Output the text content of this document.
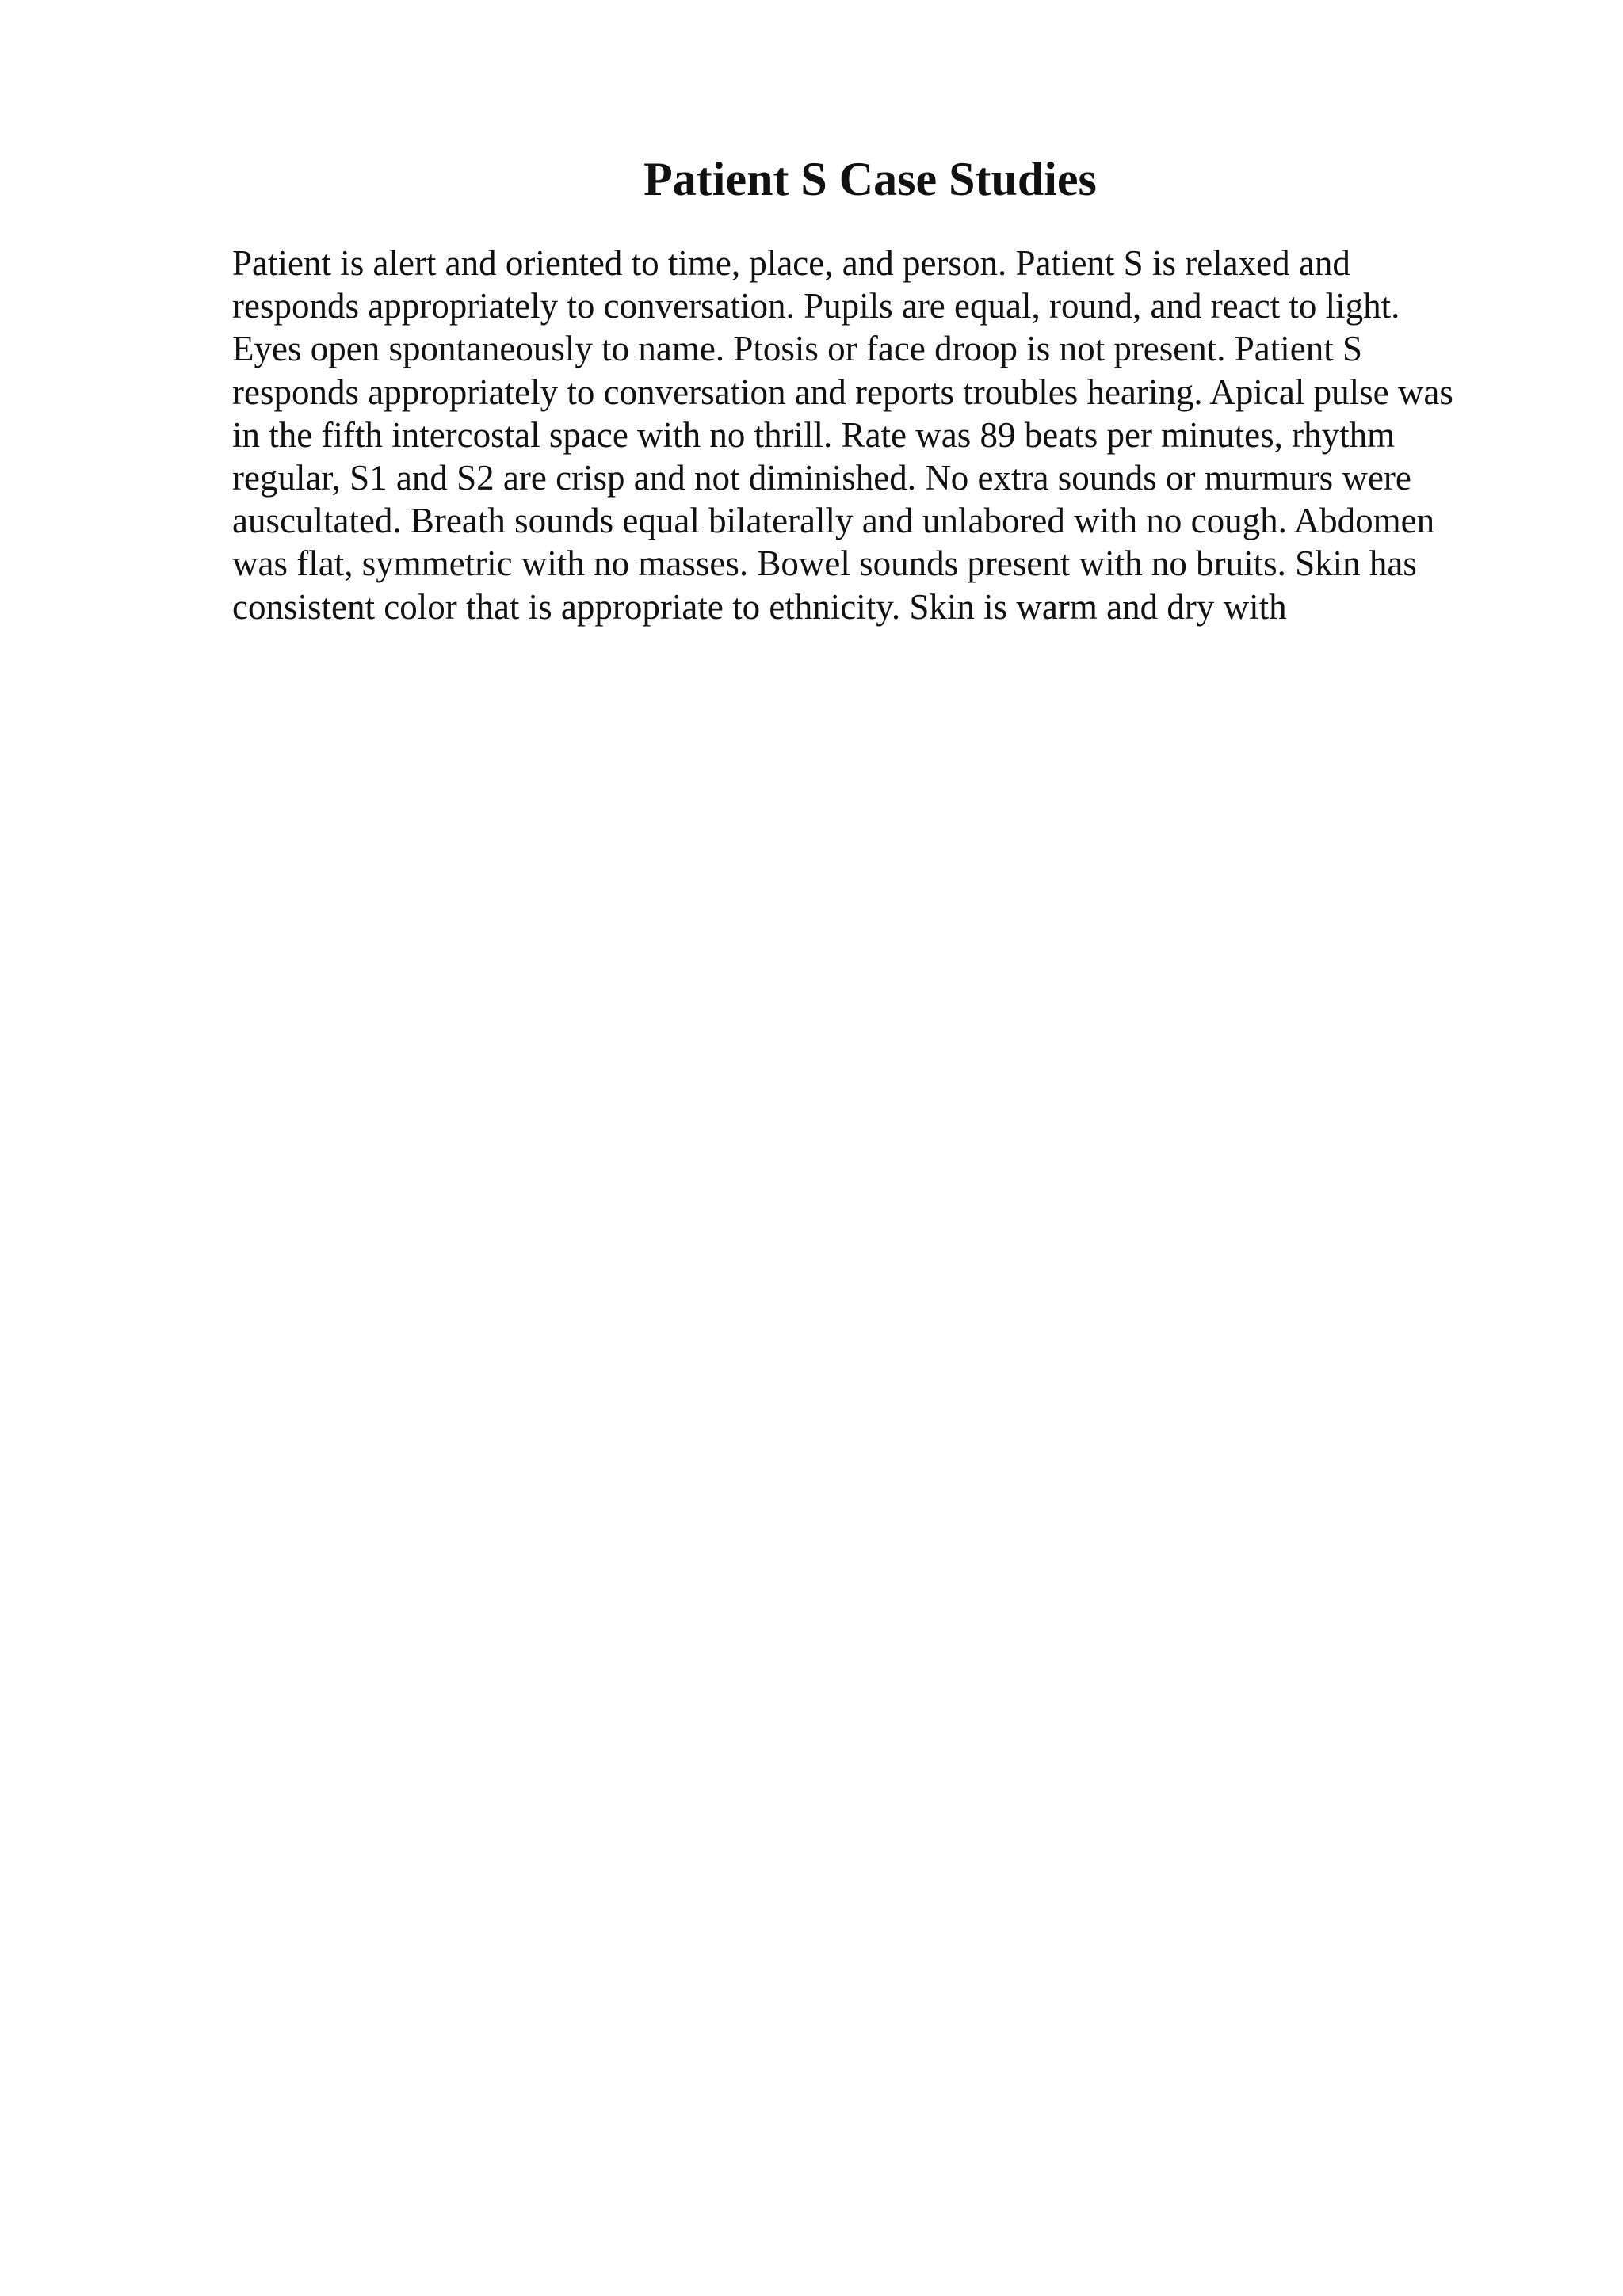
Patient S Case Studies
Patient is alert and oriented to time, place, and person. Patient S is relaxed and
responds appropriately to conversation. Pupils are equal, round, and react to light.
Eyes open spontaneously to name. Ptosis or face droop is not present. Patient S
responds appropriately to conversation and reports troubles hearing. Apical pulse was
in the fifth intercostal space with no thrill. Rate was 89 beats per minutes, rhythm
regular, S1 and S2 are crisp and not diminished. No extra sounds or murmurs were
auscultated. Breath sounds equal bilaterally and unlabored with no cough. Abdomen
was flat, symmetric with no masses. Bowel sounds present with no bruits. Skin has
consistent color that is appropriate to ethnicity. Skin is warm and dry with
